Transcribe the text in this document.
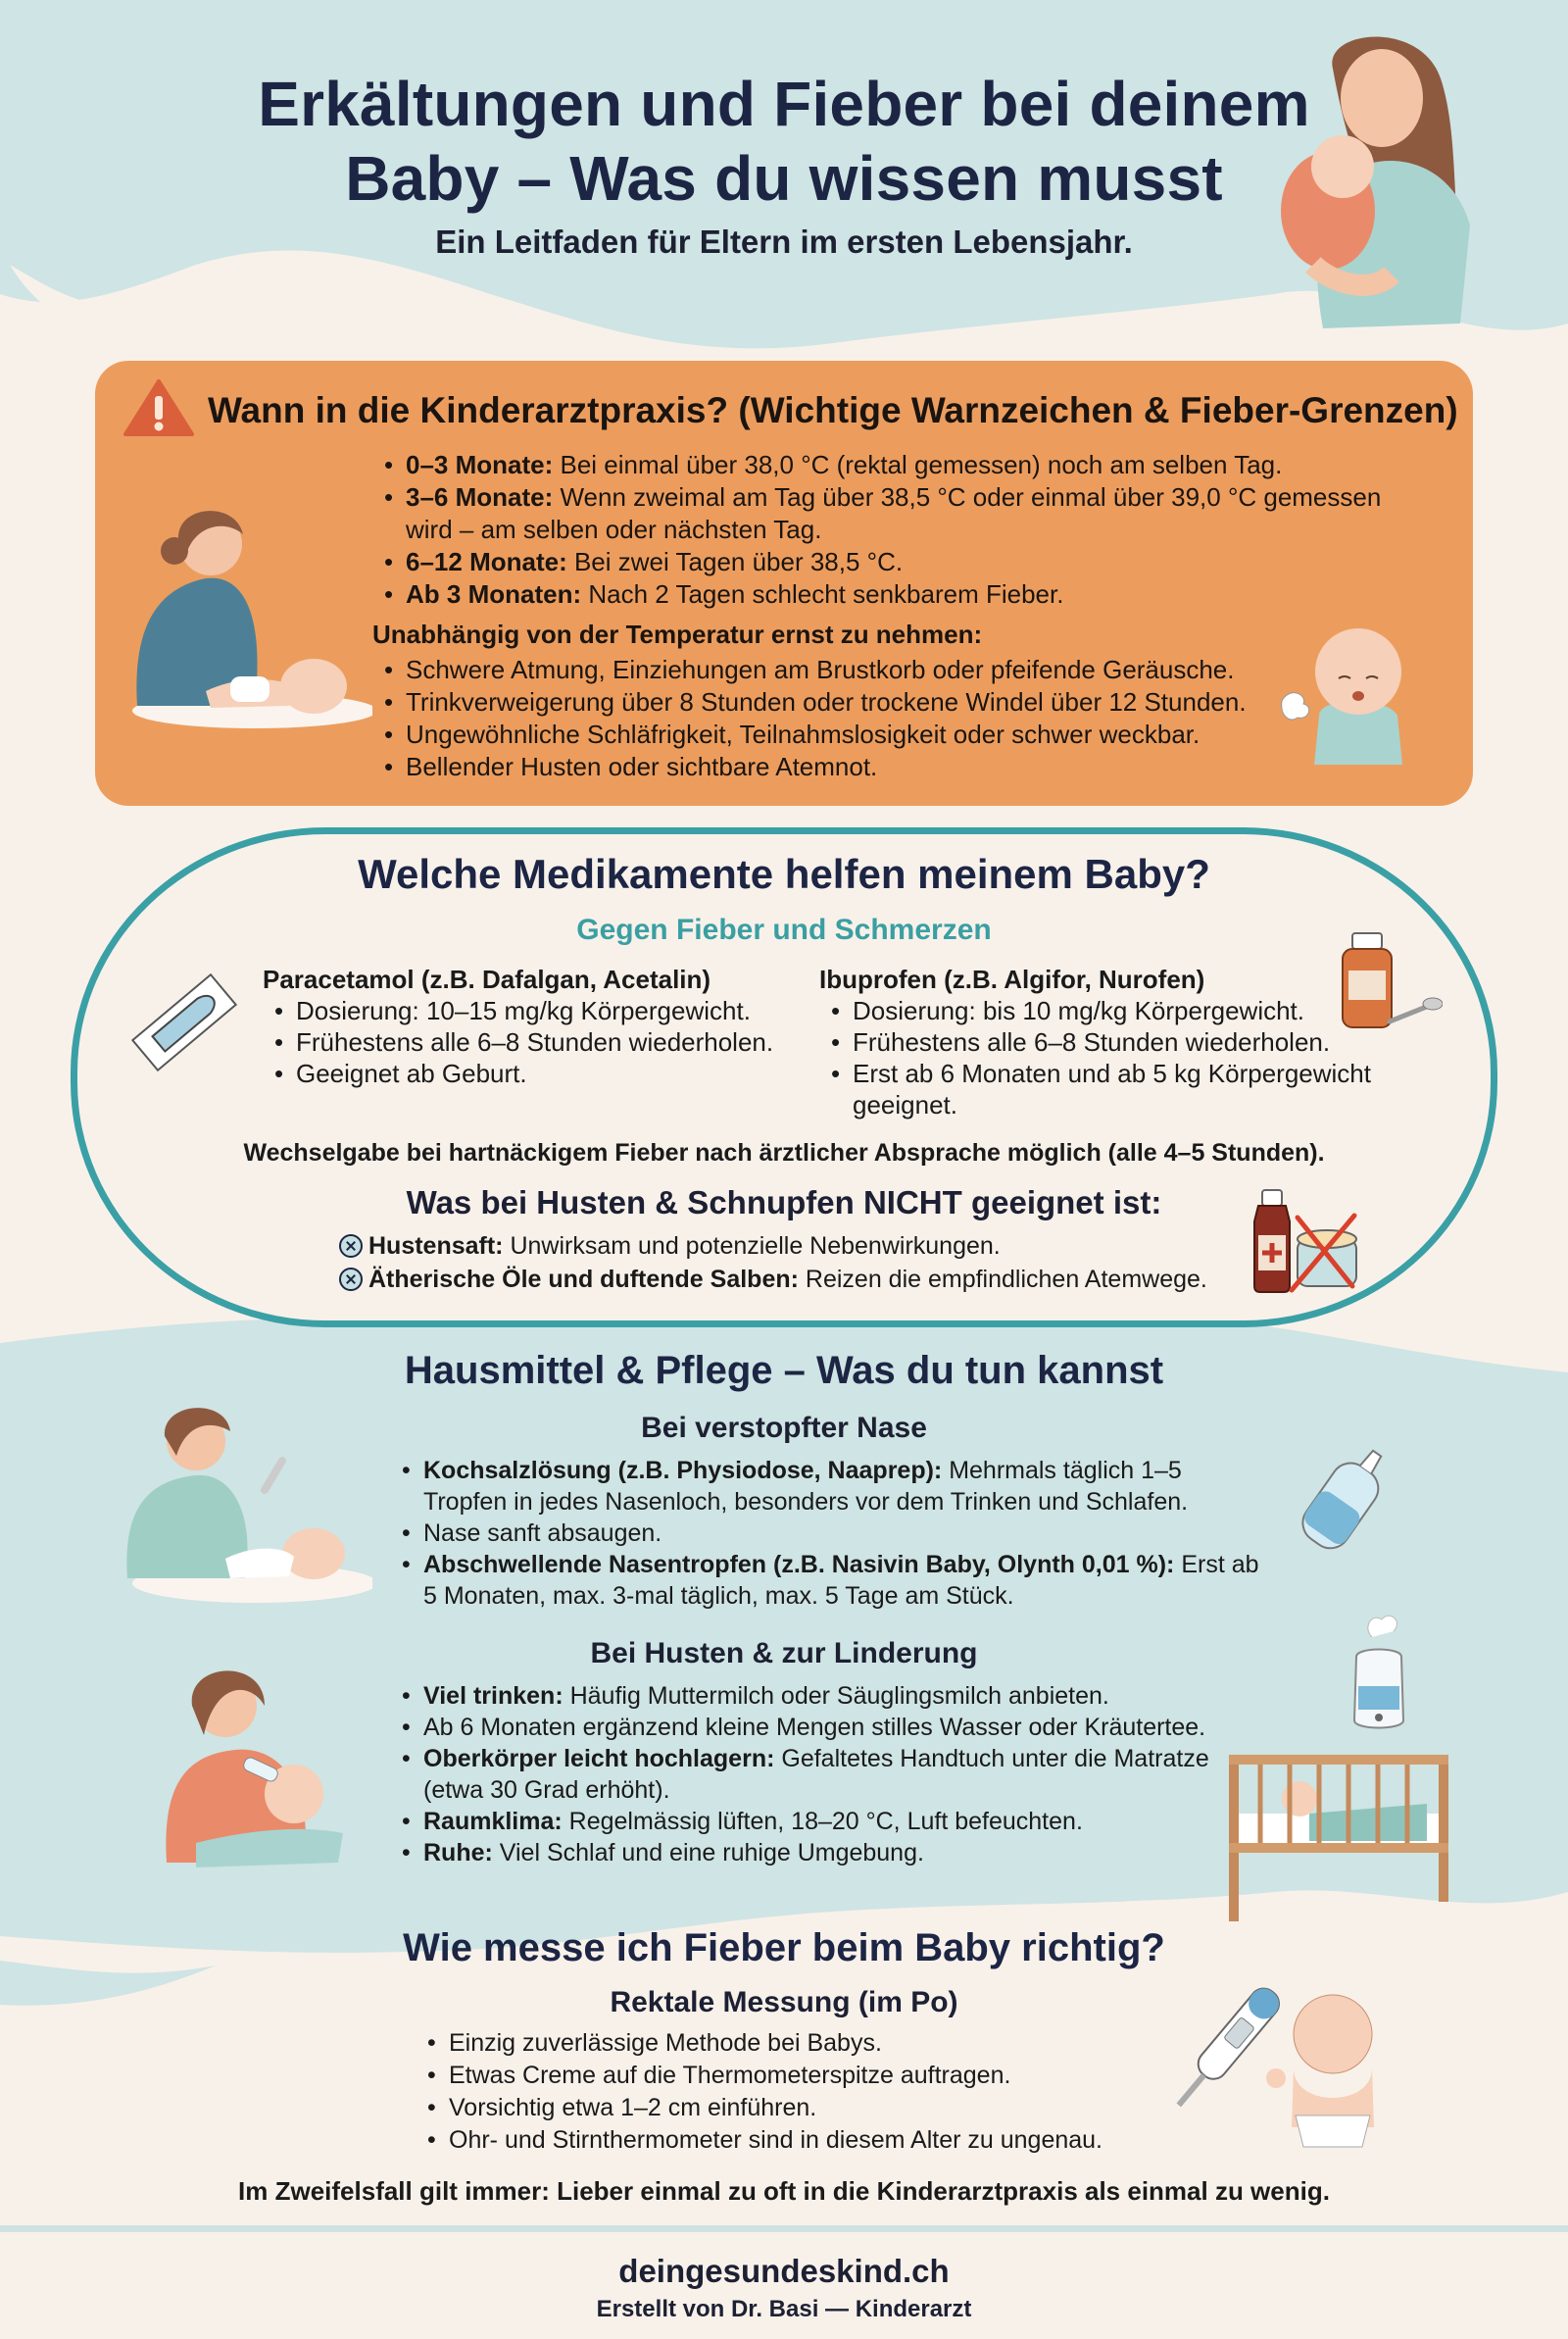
Erkältungen und Fieber bei deinem
Baby – Was du wissen musst
Ein Leitfaden für Eltern im ersten Lebensjahr.
Wann in die Kinderarztpraxis? (Wichtige Warnzeichen & Fieber-Grenzen)
• 0–3 Monate: Bei einmal über 38,0 °C (rektal gemessen) noch am selben Tag.
• 3–6 Monate: Wenn zweimal am Tag über 38,5 °C oder einmal über 39,0 °C gemessen wird – am selben oder nächsten Tag.
• 6–12 Monate: Bei zwei Tagen über 38,5 °C.
• Ab 3 Monaten: Nach 2 Tagen schlecht senkbarem Fieber.
Unabhängig von der Temperatur ernst zu nehmen:
• Schwere Atmung, Einziehungen am Brustkorb oder pfeifende Geräusche.
• Trinkverweigerung über 8 Stunden oder trockene Windel über 12 Stunden.
• Ungewöhnliche Schläfrigkeit, Teilnahmslosigkeit oder schwer weckbar.
• Bellender Husten oder sichtbare Atemnot.
Welche Medikamente helfen meinem Baby?
Gegen Fieber und Schmerzen
Paracetamol (z.B. Dafalgan, Acetalin)
• Dosierung: 10–15 mg/kg Körpergewicht.
• Frühestens alle 6–8 Stunden wiederholen.
• Geeignet ab Geburt.
Ibuprofen (z.B. Algifor, Nurofen)
• Dosierung: bis 10 mg/kg Körpergewicht.
• Frühestens alle 6–8 Stunden wiederholen.
• Erst ab 6 Monaten und ab 5 kg Körpergewicht geeignet.
Wechselgabe bei hartnäckigem Fieber nach ärztlicher Absprache möglich (alle 4–5 Stunden).
Was bei Husten & Schnupfen NICHT geeignet ist:
Hustensaft: Unwirksam und potenzielle Nebenwirkungen.
Ätherische Öle und duftende Salben: Reizen die empfindlichen Atemwege.
Hausmittel & Pflege – Was du tun kannst
Bei verstopfter Nase
• Kochsalzlösung (z.B. Physiodose, Naaprep): Mehrmals täglich 1–5 Tropfen in jedes Nasenloch, besonders vor dem Trinken und Schlafen.
• Nase sanft absaugen.
• Abschwellende Nasentropfen (z.B. Nasivin Baby, Olynth 0,01 %): Erst ab 5 Monaten, max. 3-mal täglich, max. 5 Tage am Stück.
Bei Husten & zur Linderung
• Viel trinken: Häufig Muttermilch oder Säuglingsmilch anbieten.
• Ab 6 Monaten ergänzend kleine Mengen stilles Wasser oder Kräutertee.
• Oberkörper leicht hochlagern: Gefaltetes Handtuch unter die Matratze (etwa 30 Grad erhöht).
• Raumklima: Regelmässig lüften, 18–20 °C, Luft befeuchten.
• Ruhe: Viel Schlaf und eine ruhige Umgebung.
Wie messe ich Fieber beim Baby richtig?
Rektale Messung (im Po)
• Einzig zuverlässige Methode bei Babys.
• Etwas Creme auf die Thermometerspitze auftragen.
• Vorsichtig etwa 1–2 cm einführen.
• Ohr- und Stirnthermometer sind in diesem Alter zu ungenau.
Im Zweifelsfall gilt immer: Lieber einmal zu oft in die Kinderarztpraxis als einmal zu wenig.
deingesundeskind.ch
Erstellt von Dr. Basi — Kinderarzt
